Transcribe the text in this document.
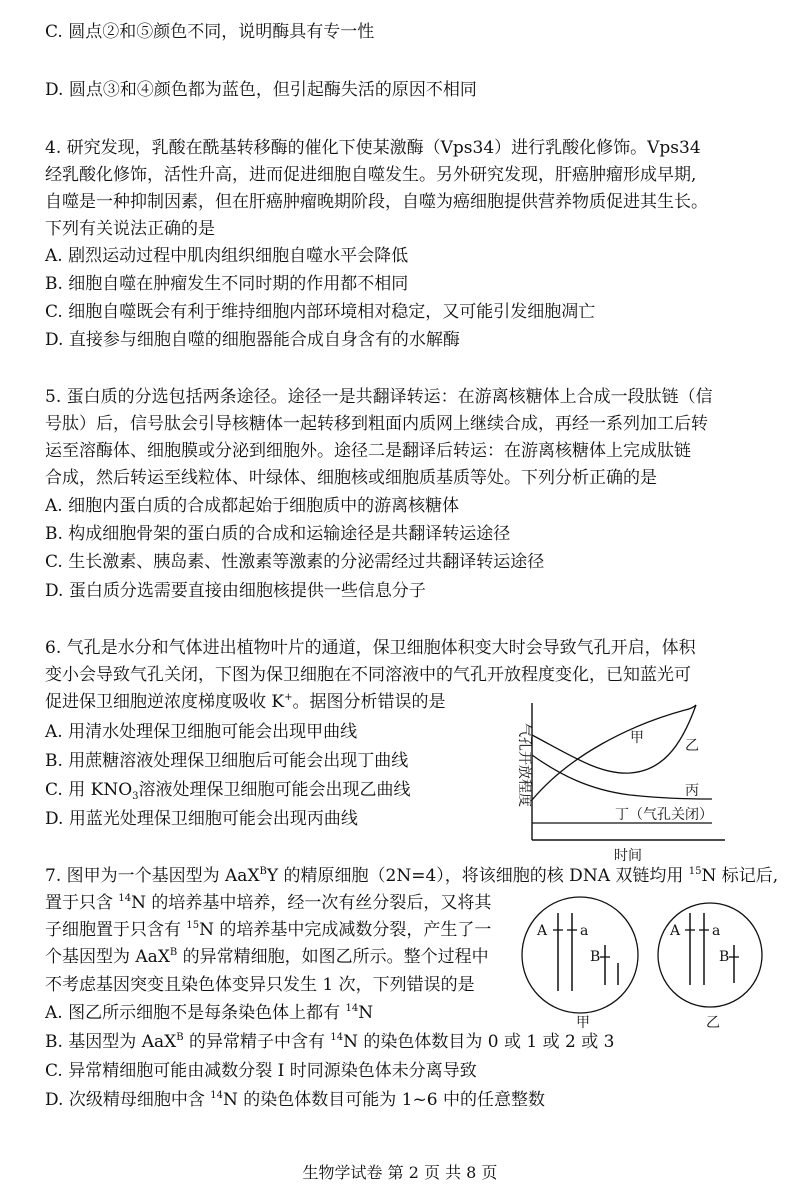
C. 圆点②和⑤颜色不同，说明酶具有专一性
D. 圆点③和④颜色都为蓝色，但引起酶失活的原因不相同
4. 研究发现，乳酸在酰基转移酶的催化下使某激酶（Vps34）进行乳酸化修饰。Vps34
经乳酸化修饰，活性升高，进而促进细胞自噬发生。另外研究发现，肝癌肿瘤形成早期,
自噬是一种抑制因素，但在肝癌肿瘤晚期阶段，自噬为癌细胞提供营养物质促进其生长。
下列有关说法正确的是
A. 剧烈运动过程中肌肉组织细胞自噬水平会降低
B. 细胞自噬在肿瘤发生不同时期的作用都不相同
C. 细胞自噬既会有利于维持细胞内部环境相对稳定，又可能引发细胞凋亡
D. 直接参与细胞自噬的细胞器能合成自身含有的水解酶
5. 蛋白质的分选包括两条途径。途径一是共翻译转运：在游离核糖体上合成一段肽链（信
号肽）后，信号肽会引导核糖体一起转移到粗面内质网上继续合成，再经一系列加工后转
运至溶酶体、细胞膜或分泌到细胞外。途径二是翻译后转运：在游离核糖体上完成肽链
合成，然后转运至线粒体、叶绿体、细胞核或细胞质基质等处。下列分析正确的是
A. 细胞内蛋白质的合成都起始于细胞质中的游离核糖体
B. 构成细胞骨架的蛋白质的合成和运输途径是共翻译转运途径
C. 生长激素、胰岛素、性激素等激素的分泌需经过共翻译转运途径
D. 蛋白质分选需要直接由细胞核提供一些信息分子
6. 气孔是水分和气体进出植物叶片的通道，保卫细胞体积变大时会导致气孔开启，体积
变小会导致气孔关闭，下图为保卫细胞在不同溶液中的气孔开放程度变化，已知蓝光可
促进保卫细胞逆浓度梯度吸收 K+。据图分析错误的是
A. 用清水处理保卫细胞可能会出现甲曲线
B. 用蔗糖溶液处理保卫细胞后可能会出现丁曲线
C. 用 $KNO_3$溶液处理保卫细胞可能会出现乙曲线
D. 用蓝光处理保卫细胞可能会出现丙曲线
气孔开放程度
时间
甲	乙
丙
丁（气孔关闭）
7. 图甲为一个基因型为 AaX$^B$Y 的精原细胞（2N=4），将该细胞的核 DNA 双链均用 $^{15}$N 标记后,
置于只含 $^{14}$N 的培养基中培养，经一次有丝分裂后，又将其
子细胞置于只含有 $^{15}$N 的培养基中完成减数分裂，产生了一
个基因型为 AaX$^B$ 的异常精细胞，如图乙所示。整个过程中
不考虑基因突变且染色体变异只发生 1 次，下列错误的是
A. 图乙所示细胞不是每条染色体上都有 $^{14}$N
B. 基因型为 AaX$^B$ 的异常精子中含有 $^{14}$N 的染色体数目为 0 或 1 或 2 或 3
C. 异常精细胞可能由减数分裂 I 时同源染色体未分离导致
D. 次级精母细胞中含 $^{14}$N 的染色体数目可能为 1~6 中的任意整数
A a
B
甲
A a
B
乙
生物学试卷 第 2 页 共 8 页
